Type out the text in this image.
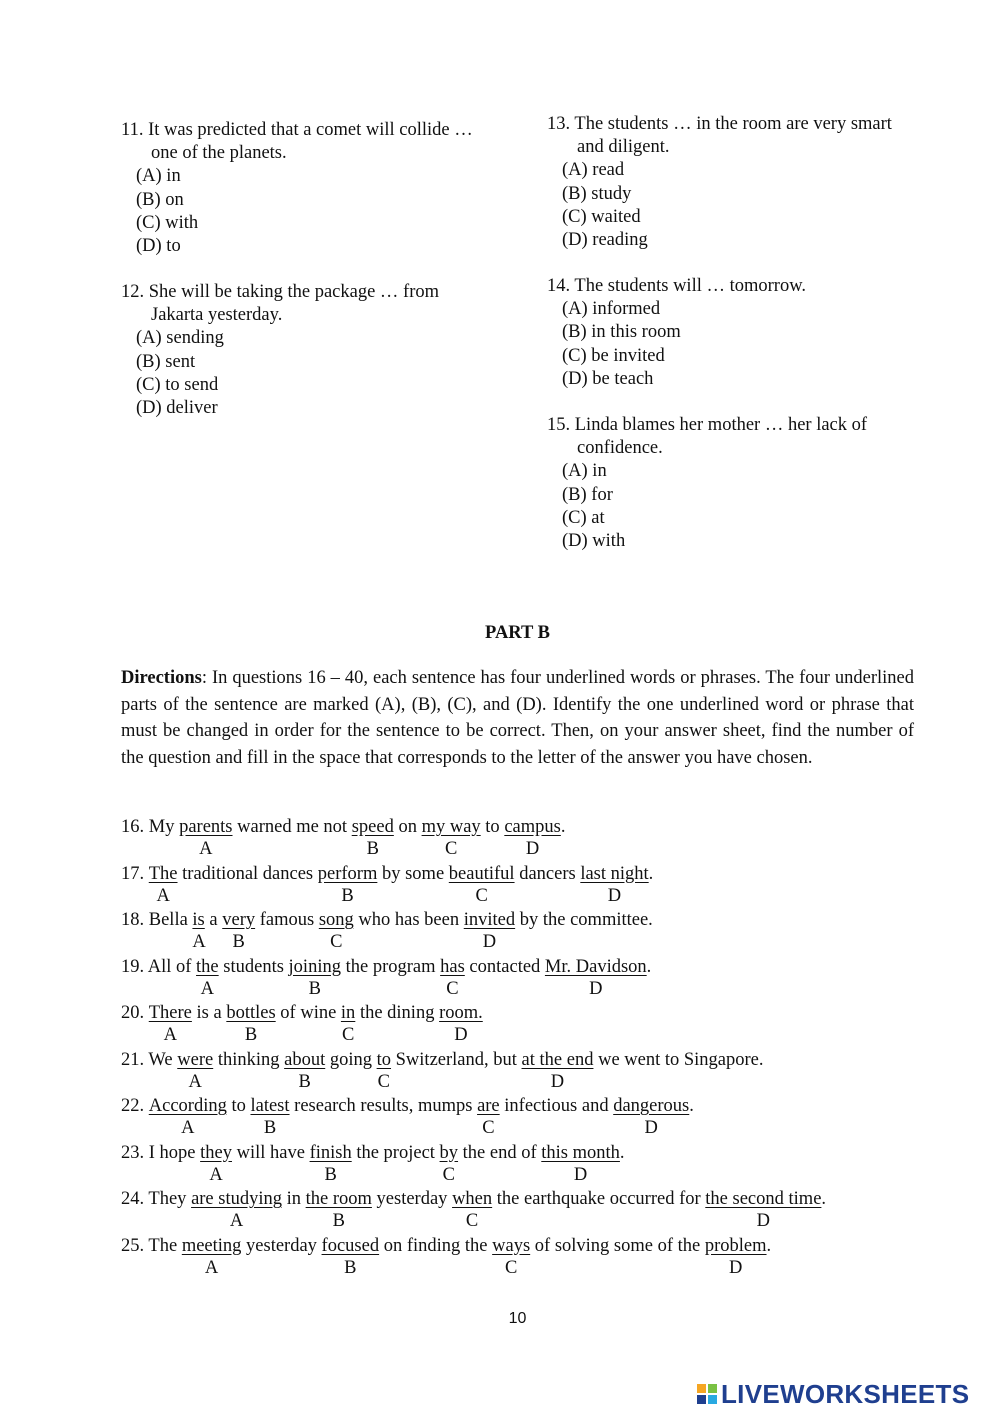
11. It was predicted that a comet will collide … one of the planets.
(A) in
(B) on
(C) with
(D) to
12. She will be taking the package … from Jakarta yesterday.
(A) sending
(B) sent
(C) to send
(D) deliver
13. The students … in the room are very smart and diligent.
(A) read
(B) study
(C) waited
(D) reading
14. The students will … tomorrow.
(A) informed
(B) in this room
(C) be invited
(D) be teach
15. Linda blames her mother … her lack of confidence.
(A) in
(B) for
(C) at
(D) with
PART B
Directions: In questions 16 – 40, each sentence has four underlined words or phrases. The four underlined parts of the sentence are marked (A), (B), (C), and (D). Identify the one underlined word or phrase that must be changed in order for the sentence to be correct. Then, on your answer sheet, find the number of the question and fill in the space that corresponds to the letter of the answer you have chosen.
16. My parents
A
warned me not speed
B
on my way
C
to campus
D
.
17. The
A
traditional dances perform
B
by some beautiful
C
dancers last night
D
.
18. Bella is
A
a very
B
famous song
C
who has been invited
D
by the committee.
19. All of the
A
students joining
B
the program has
C
contacted Mr. Davidson
D
.
20. There
A
is a bottles
B
of wine in
C
the dining room.
D
21. We were
A
thinking about
B
going to
C
Switzerland, but at the end
D
we went to Singapore.
22. According
A
to latest
B
research results, mumps are
C
infectious and dangerous
D
.
23. I hope they
A
will have finish
B
the project by
C
the end of this month
D
.
24. They are studying
A
in the room
B
yesterday when
C
the earthquake occurred for the second time
D
.
25. The meeting
A
yesterday focused
B
on finding the ways
C
of solving some of the problem
D
.
10
LIVEWORKSHEETS
